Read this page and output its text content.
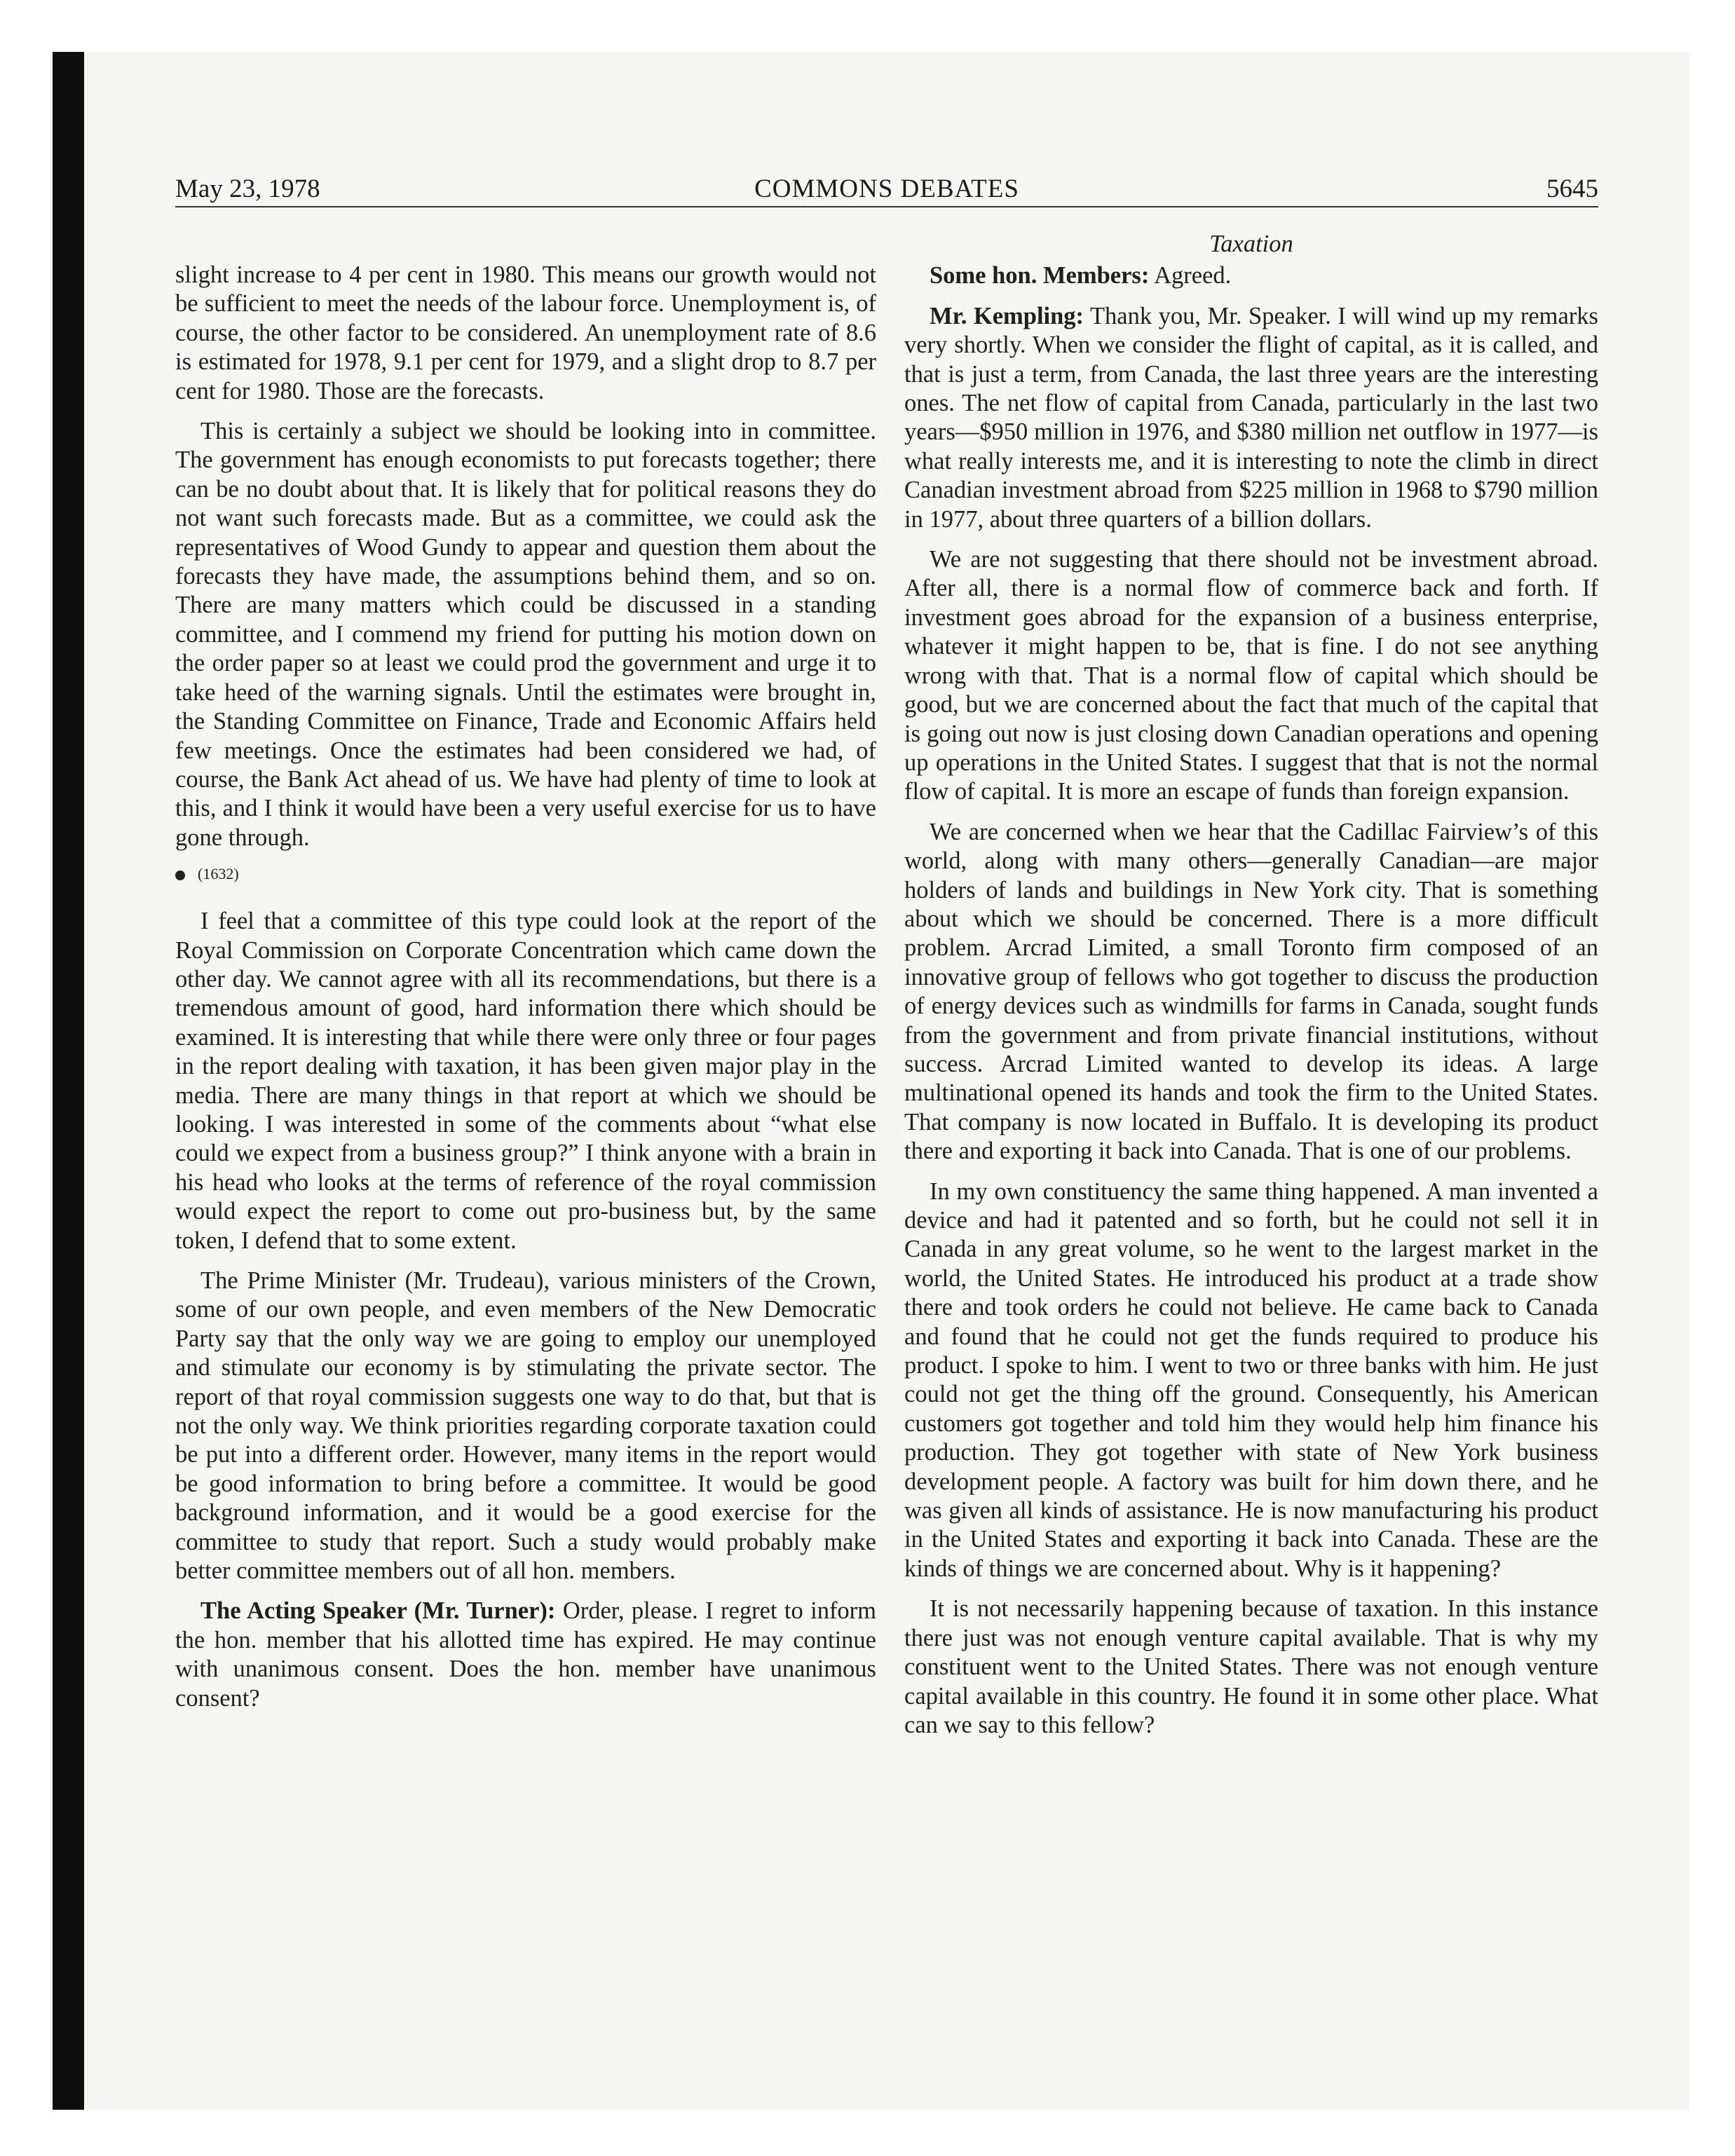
May 23, 1978	COMMONS DEBATES	5645

slight increase to 4 per cent in 1980. This means our growth would not be sufficient to meet the needs of the labour force. Unemployment is, of course, the other factor to be considered. An unemployment rate of 8.6 is estimated for 1978, 9.1 per cent for 1979, and a slight drop to 8.7 per cent for 1980. Those are the forecasts.

This is certainly a subject we should be looking into in committee. The government has enough economists to put forecasts together; there can be no doubt about that. It is likely that for political reasons they do not want such forecasts made. But as a committee, we could ask the representatives of Wood Gundy to appear and question them about the forecasts they have made, the assumptions behind them, and so on. There are many matters which could be discussed in a standing committee, and I commend my friend for putting his motion down on the order paper so at least we could prod the government and urge it to take heed of the warning signals. Until the estimates were brought in, the Standing Committee on Finance, Trade and Economic Affairs held few meetings. Once the estimates had been considered we had, of course, the Bank Act ahead of us. We have had plenty of time to look at this, and I think it would have been a very useful exercise for us to have gone through.

(1632)

I feel that a committee of this type could look at the report of the Royal Commission on Corporate Concentration which came down the other day. We cannot agree with all its recommendations, but there is a tremendous amount of good, hard information there which should be examined. It is interesting that while there were only three or four pages in the report dealing with taxation, it has been given major play in the media. There are many things in that report at which we should be looking. I was interested in some of the comments about “what else could we expect from a business group?” I think anyone with a brain in his head who looks at the terms of reference of the royal commission would expect the report to come out pro-business but, by the same token, I defend that to some extent.

The Prime Minister (Mr. Trudeau), various ministers of the Crown, some of our own people, and even members of the New Democratic Party say that the only way we are going to employ our unemployed and stimulate our economy is by stimulating the private sector. The report of that royal commission suggests one way to do that, but that is not the only way. We think priorities regarding corporate taxation could be put into a different order. However, many items in the report would be good information to bring before a committee. It would be good background information, and it would be a good exercise for the committee to study that report. Such a study would probably make better committee members out of all hon. members.

The Acting Speaker (Mr. Turner): Order, please. I regret to inform the hon. member that his allotted time has expired. He may continue with unanimous consent. Does the hon. member have unanimous consent?

Taxation

Some hon. Members: Agreed.

Mr. Kempling: Thank you, Mr. Speaker. I will wind up my remarks very shortly. When we consider the flight of capital, as it is called, and that is just a term, from Canada, the last three years are the interesting ones. The net flow of capital from Canada, particularly in the last two years—$950 million in 1976, and $380 million net outflow in 1977—is what really interests me, and it is interesting to note the climb in direct Canadian investment abroad from $225 million in 1968 to $790 million in 1977, about three quarters of a billion dollars.

We are not suggesting that there should not be investment abroad. After all, there is a normal flow of commerce back and forth. If investment goes abroad for the expansion of a business enterprise, whatever it might happen to be, that is fine. I do not see anything wrong with that. That is a normal flow of capital which should be good, but we are concerned about the fact that much of the capital that is going out now is just closing down Canadian operations and opening up operations in the United States. I suggest that that is not the normal flow of capital. It is more an escape of funds than foreign expansion.

We are concerned when we hear that the Cadillac Fairview’s of this world, along with many others—generally Canadian—are major holders of lands and buildings in New York city. That is something about which we should be concerned. There is a more difficult problem. Arcrad Limited, a small Toronto firm composed of an innovative group of fellows who got together to discuss the production of energy devices such as windmills for farms in Canada, sought funds from the government and from private financial institutions, without success. Arcrad Limited wanted to develop its ideas. A large multinational opened its hands and took the firm to the United States. That company is now located in Buffalo. It is developing its product there and exporting it back into Canada. That is one of our problems.

In my own constituency the same thing happened. A man invented a device and had it patented and so forth, but he could not sell it in Canada in any great volume, so he went to the largest market in the world, the United States. He introduced his product at a trade show there and took orders he could not believe. He came back to Canada and found that he could not get the funds required to produce his product. I spoke to him. I went to two or three banks with him. He just could not get the thing off the ground. Consequently, his American customers got together and told him they would help him finance his production. They got together with state of New York business development people. A factory was built for him down there, and he was given all kinds of assistance. He is now manufacturing his product in the United States and exporting it back into Canada. These are the kinds of things we are concerned about. Why is it happening?

It is not necessarily happening because of taxation. In this instance there just was not enough venture capital available. That is why my constituent went to the United States. There was not enough venture capital available in this country. He found it in some other place. What can we say to this fellow?
